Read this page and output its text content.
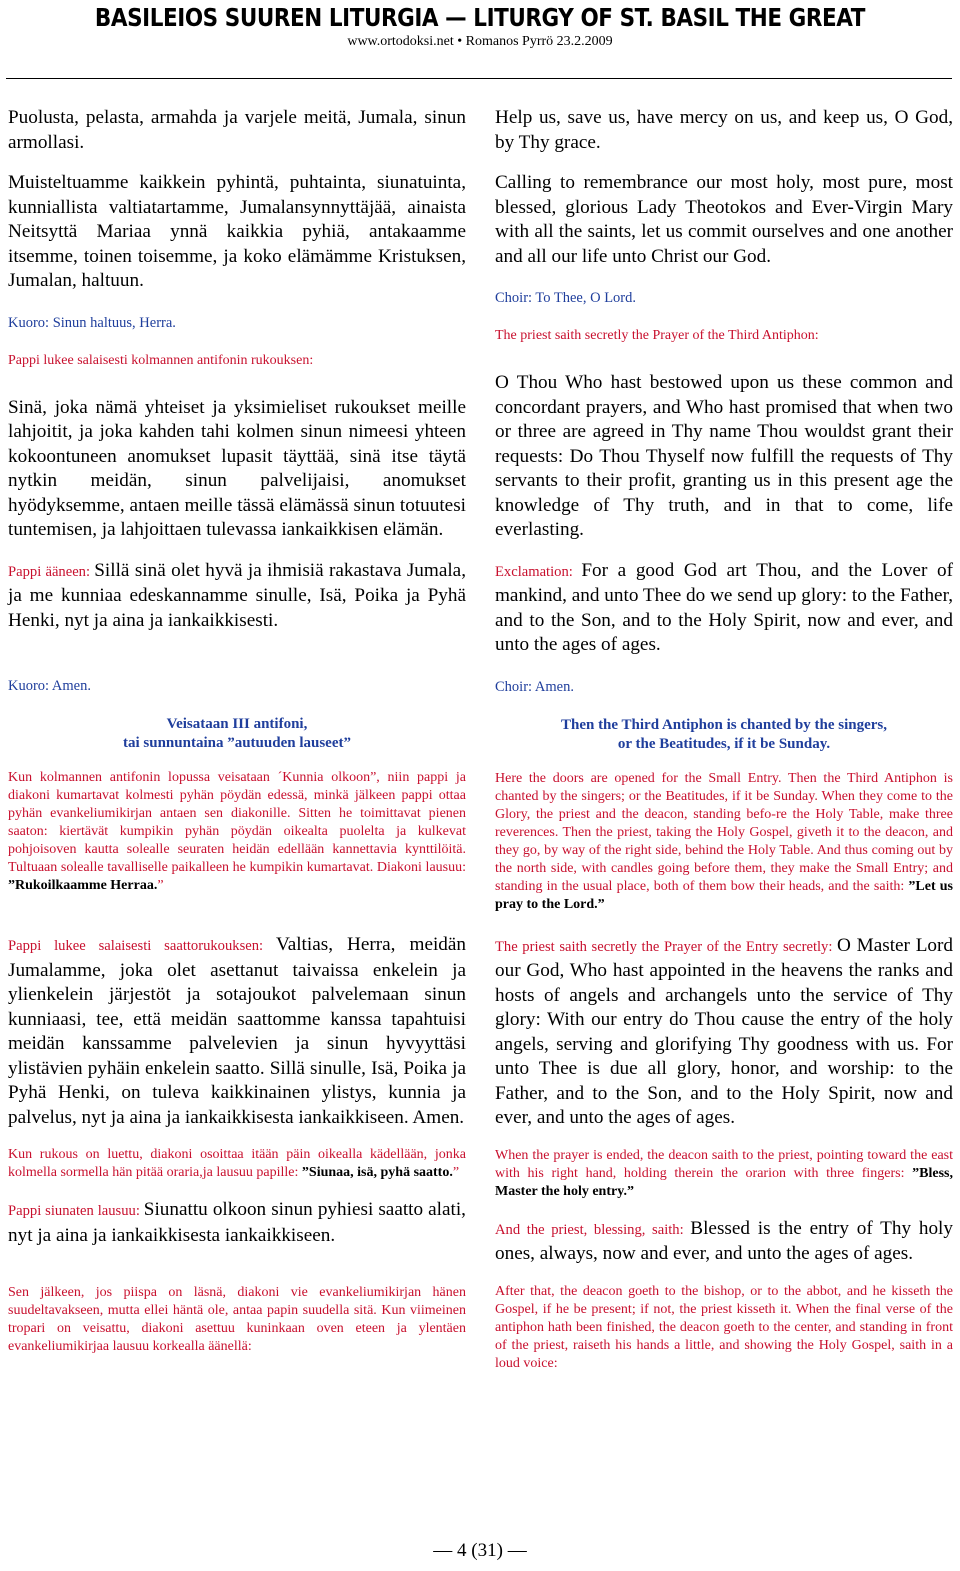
BASILEIOS SUUREN LITURGIA — LITURGY OF ST. BASIL THE GREAT
www.ortodoksi.net • Romanos Pyrrö 23.2.2009

Puolusta, pelasta, armahda ja varjele meitä, Jumala, sinun armollasi.

Muisteltuamme kaikkein pyhintä, puhtainta, siunatuinta, kunniallista valtiatartamme, Jumalansynnyttäjää, ainaista Neitsyttä Mariaa ynnä kaikkia pyhiä, antakaamme itsemme, toinen toisemme, ja koko elämämme Kristuksen, Jumalan, haltuun.

Kuoro: Sinun haltuus, Herra.

Pappi lukee salaisesti kolmannen antifonin rukouksen:

Sinä, joka nämä yhteiset ja yksimieliset rukoukset meille lahjoitit, ja joka kahden tahi kolmen sinun nimeesi yhteen kokoontuneen anomukset lupasit täyttää, sinä itse täytä nytkin meidän, sinun palvelijaisi, anomukset hyödyksemme, antaen meille tässä elämässä sinun totuutesi tuntemisen, ja lahjoittaen tulevassa iankaikkisen elämän.

Pappi ääneen: Sillä sinä olet hyvä ja ihmisiä rakastava Jumala, ja me kunniaa edeskannamme sinulle, Isä, Poika ja Pyhä Henki, nyt ja aina ja iankaikkisesti.

Kuoro: Amen.

Veisataan III antifoni,
tai sunnuntaina ”autuuden lauseet”

Kun kolmannen antifonin lopussa veisataan ´Kunnia olkoon”, niin pappi ja diakoni kumartavat kolmesti pyhän pöydän edessä, minkä jälkeen pappi ottaa pyhän evankeliumikirjan antaen sen diakonille. Sitten he toimittavat pienen saaton: kiertävät kumpikin pyhän pöydän oikealta puolelta ja kulkevat pohjoisoven kautta solealle seuraten heidän edellään kannettavia kynttilöitä. Tultuaan solealle tavalliselle paikalleen he kumpikin kumartavat. Diakoni lausuu: ”Rukoilkaamme Herraa.”

Pappi lukee salaisesti saattorukouksen: Valtias, Herra, meidän Jumalamme, joka olet asettanut taivaissa enkelein ja ylienkelein järjestöt ja sotajoukot palvelemaan sinun kunniaasi, tee, että meidän saattomme kanssa tapahtuisi meidän kanssamme palvelevien ja sinun hyvyyttäsi ylistävien pyhäin enkelein saatto. Sillä sinulle, Isä, Poika ja Pyhä Henki, on tuleva kaikkinainen ylistys, kunnia ja palvelus, nyt ja aina ja iankaikkisesta iankaikkiseen. Amen.

Kun rukous on luettu, diakoni osoittaa itään päin oikealla kädellään, jonka kolmella sormella hän pitää oraria,ja lausuu papille: ”Siunaa, isä, pyhä saatto.”

Pappi siunaten lausuu: Siunattu olkoon sinun pyhiesi saatto alati, nyt ja aina ja iankaikkisesta iankaikkiseen.

Sen jälkeen, jos piispa on läsnä, diakoni vie evankeliumikirjan hänen suudeltavakseen, mutta ellei häntä ole, antaa papin suudella sitä. Kun viimeinen tropari on veisattu, diakoni asettuu kuninkaan oven eteen ja ylentäen evankeliumikirjaa lausuu korkealla äänellä:

Help us, save us, have mercy on us, and keep us, O God, by Thy grace.

Calling to remembrance our most holy, most pure, most blessed, glorious Lady Theotokos and Ever-Virgin Mary with all the saints, let us commit ourselves and one another and all our life unto Christ our God.

Choir: To Thee, O Lord.

The priest saith secretly the Prayer of the Third Antiphon:

O Thou Who hast bestowed upon us these common and concordant prayers, and Who hast promised that when two or three are agreed in Thy name Thou wouldst grant their requests: Do Thou Thyself now fulfill the requests of Thy servants to their profit, granting us in this present age the knowledge of Thy truth, and in that to come, life everlasting.

Exclamation: For a good God art Thou, and the Lover of mankind, and unto Thee do we send up glory: to the Father, and to the Son, and to the Holy Spirit, now and ever, and unto the ages of ages.

Choir: Amen.

Then the Third Antiphon is chanted by the singers,
or the Beatitudes, if it be Sunday.

Here the doors are opened for the Small Entry. Then the Third Antiphon is chanted by the singers; or the Beatitudes, if it be Sunday. When they come to the Glory, the priest and the deacon, standing befo-re the Holy Table, make three reverences. Then the priest, taking the Holy Gospel, giveth it to the deacon, and they go, by way of the right side, behind the Holy Table. And thus coming out by the north side, with candles going before them, they make the Small Entry; and standing in the usual place, both of them bow their heads, and the saith: ”Let us pray to the Lord.”

The priest saith secretly the Prayer of the Entry secretly: O Master Lord our God, Who hast appointed in the heavens the ranks and hosts of angels and archangels unto the service of Thy glory: With our entry do Thou cause the entry of the holy angels, serving and glorifying Thy goodness with us. For unto Thee is due all glory, honor, and worship: to the Father, and to the Son, and to the Holy Spirit, now and ever, and unto the ages of ages.

When the prayer is ended, the deacon saith to the priest, pointing toward the east with his right hand, holding therein the orarion with three fingers: ”Bless, Master the holy entry.”

And the priest, blessing, saith: Blessed is the entry of Thy holy ones, always, now and ever, and unto the ages of ages.

After that, the deacon goeth to the bishop, or to the abbot, and he kisseth the Gospel, if he be present; if not, the priest kisseth it. When the final verse of the antiphon hath been finished, the deacon goeth to the center, and standing in front of the priest, raiseth his hands a little, and showing the Holy Gospel, saith in a loud voice:

— 4 (31) —
